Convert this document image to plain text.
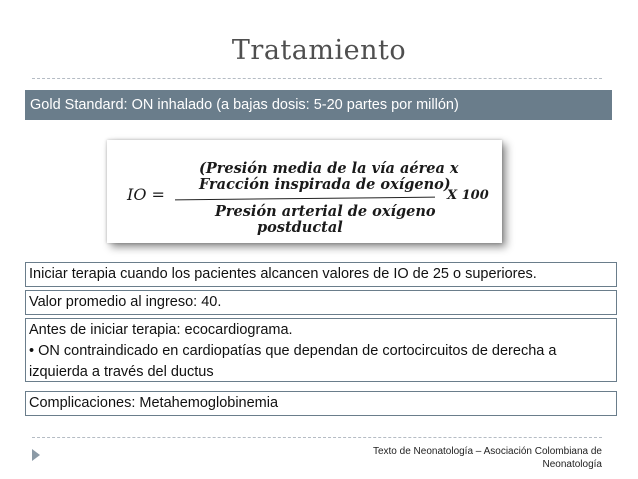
Tratamiento
Gold Standard: ON inhalado (a bajas dosis: 5-20 partes por millón)
IO =
(Presión media de la vía aérea x
Fracción inspirada de oxígeno)
Presión arterial de oxígeno
postductal
X 100
Iniciar terapia cuando los pacientes alcancen valores de IO de 25 o superiores.
Valor promedio al ingreso: 40.
Antes de iniciar terapia: ecocardiograma.
• ON contraindicado en cardiopatías que dependan de cortocircuitos de derecha a izquierda a través del ductus
Complicaciones: Metahemoglobinemia
Texto de Neonatología – Asociación Colombiana de
Neonatología
